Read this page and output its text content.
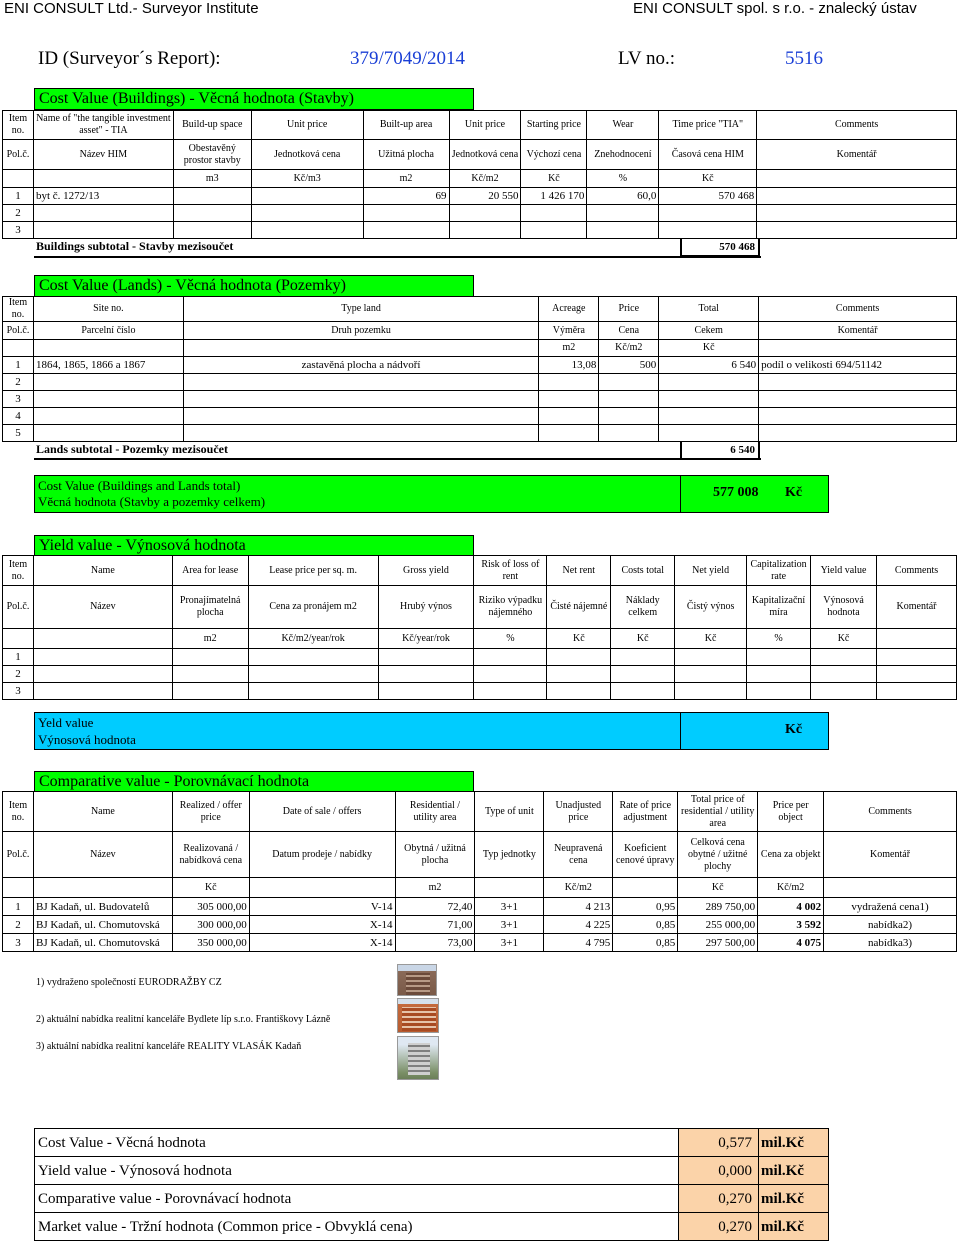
ENI CONSULT Ltd.- Surveyor Institute	ENI CONSULT spol. s r.o. - znalecký ústav
ID (Surveyor´s Report):	379/7049/2014	LV no.:	5516
Cost Value (Buildings) - Věcná hodnota (Stavby)
Item no.	Name of "the tangible investment asset" - TIA	Build-up space	Unit price	Built-up area	Unit price	Starting price	Wear	Time price "TIA"	Comments
Pol.č.	Název HIM	Obestavěný prostor stavby	Jednotková cena	Užitná plocha	Jednotková cena	Výchozí cena	Znehodnocení	Časová cena HIM	Komentář
		m3	Kč/m3	m2	Kč/m2	Kč	%	Kč	
1	byt č. 1272/13			69	20 550	1 426 170	60,0	570 468	
2									
3									
Buildings subtotal - Stavby mezisoučet	570 468
Cost Value (Lands) - Věcná hodnota (Pozemky)
Item no.	Site no.	Type land	Acreage	Price	Total	Comments
Pol.č.	Parcelní číslo	Druh pozemku	Výměra	Cena	Cekem	Komentář
			m2	Kč/m2	Kč	
1	1864, 1865, 1866 a 1867	zastavěná plocha a nádvoří	13,08	500	6 540	podíl o velikosti 694/51142
2						
3						
4						
5						
Lands subtotal - Pozemky mezisoučet	6 540
Cost Value (Buildings and Lands total)
Věcná hodnota (Stavby a pozemky celkem)
577 008 Kč
Yield value - Výnosová hodnota
Item no.	Name	Area for lease	Lease price per sq. m.	Gross yield	Risk of loss of rent	Net rent	Costs total	Net yield	Capitalization rate	Yield value	Comments
Pol.č.	Název	Pronajímatelná plocha	Cena za pronájem m2	Hrubý výnos	Riziko výpadku nájemného	Čisté nájemné	Náklady celkem	Čistý výnos	Kapitalizační míra	Výnosová hodnota	Komentář
		m2	Kč/m2/year/rok	Kč/year/rok	%	Kč	Kč	Kč	%	Kč	
1											
2											
3											
Yeld value
Výnosová hodnota
Kč
Comparative value - Porovnávací hodnota
Item no.	Name	Realized / offer price	Date of sale / offers	Residential / utility area	Type of unit	Unadjusted price	Rate of price adjustment	Total price of residential / utility area	Price per object	Comments
Pol.č.	Název	Realizovaná / nabídková cena	Datum prodeje / nabídky	Obytná / užitná plocha	Typ jednotky	Neupravená cena	Koeficient cenové úpravy	Celková cena obytné / užitné plochy	Cena za objekt	Komentář
		Kč		m2		Kč/m2		Kč	Kč/m2	
1	BJ Kadaň, ul. Budovatelů	305 000,00	V-14	72,40	3+1	4 213	0,95	289 750,00	4 002	vydražená cena1)
2	BJ Kadaň, ul. Chomutovská	300 000,00	X-14	71,00	3+1	4 225	0,85	255 000,00	3 592	nabídka2)
3	BJ Kadaň, ul. Chomutovská	350 000,00	X-14	73,00	3+1	4 795	0,85	297 500,00	4 075	nabídka3)
1) vydraženo společností EURODRAŽBY CZ
2) aktuální nabídka realitní kanceláře Bydlete líp s.r.o. Františkovy Lázně
3) aktuální nabídka realitní kanceláře REALITY VLASÁK Kadaň
Cost Value - Věcná hodnota	0,577	mil.Kč
Yield value - Výnosová hodnota	0,000	mil.Kč
Comparative value - Porovnávací hodnota	0,270	mil.Kč
Market value - Tržní hodnota (Common price - Obvyklá cena)	0,270	mil.Kč
